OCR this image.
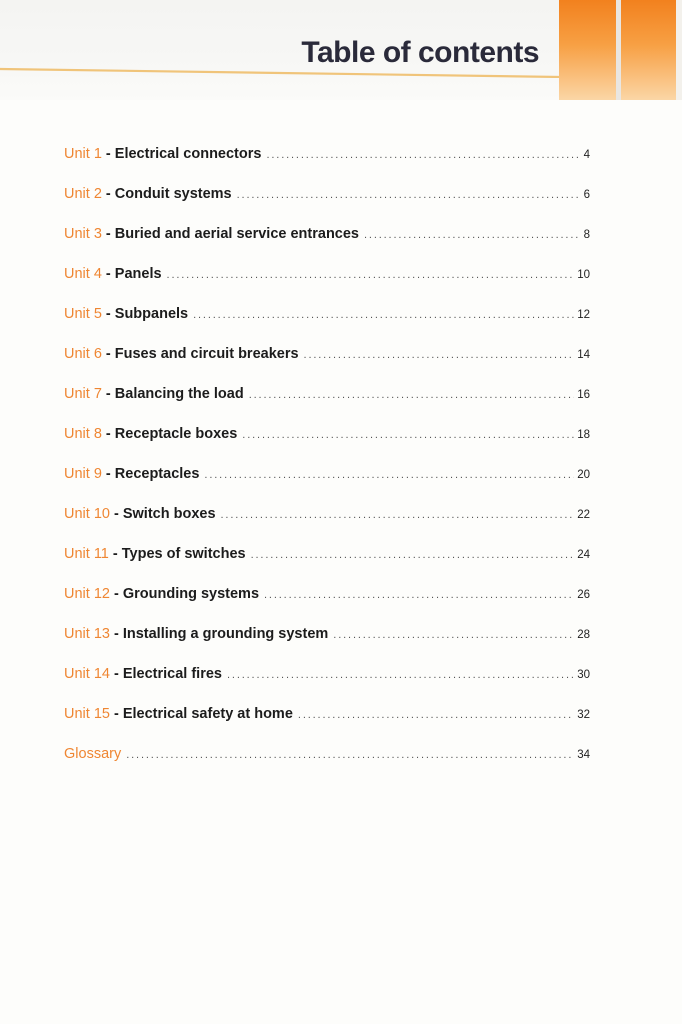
Table of contents
Unit 1 - Electrical connectors . . .	4
Unit 2 - Conduit systems . . .	6
Unit 3 - Buried and aerial service entrances . . .	8
Unit 4 - Panels . . .	10
Unit 5 - Subpanels . . .	12
Unit 6 - Fuses and circuit breakers . . .	14
Unit 7 - Balancing the load . . .	16
Unit 8 - Receptacle boxes . . .	18
Unit 9 - Receptacles . . .	20
Unit 10 - Switch boxes . . .	22
Unit 11 - Types of switches . . .	24
Unit 12 - Grounding systems . . .	26
Unit 13 - Installing a grounding system . . .	28
Unit 14 - Electrical fires . . .	30
Unit 15 - Electrical safety at home . . .	32
Glossary . . .	34
